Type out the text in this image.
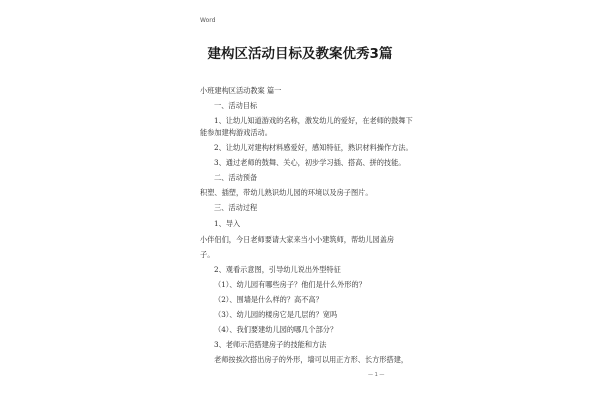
Word
建构区活动目标及教案优秀3篇
小班建构区活动教案 篇一
一、活动目标
1、让幼儿知道游戏的名称，激发幼儿的爱好，在老师的鼓舞下
能参加建构游戏活动。
2、让幼儿对建构材料感爱好，感知特征，熟识材料操作方法。
3、通过老师的鼓舞、关心，初步学习插、搭高、拼的技能。
二、活动预备
积塑、插塑，带幼儿熟识幼儿园的环境以及房子图片。
三、活动过程
1、导入
小伴侣们，今日老师要请大家来当小小建筑师，帮幼儿园盖房
子。
2、观看示意图，引导幼儿说出外型特征
（1）、幼儿园有哪些房子？他们是什么外形的？
（2）、围墙是什么样的？高不高？
（3）、幼儿园的楼房它是几层的？宽吗
（4）、我们要建幼儿园的哪几个部分？
3、老师示范搭建房子的技能和方法
老师按挨次搭出房子的外形，墙可以用正方形、长方形搭建，
— 1 —
